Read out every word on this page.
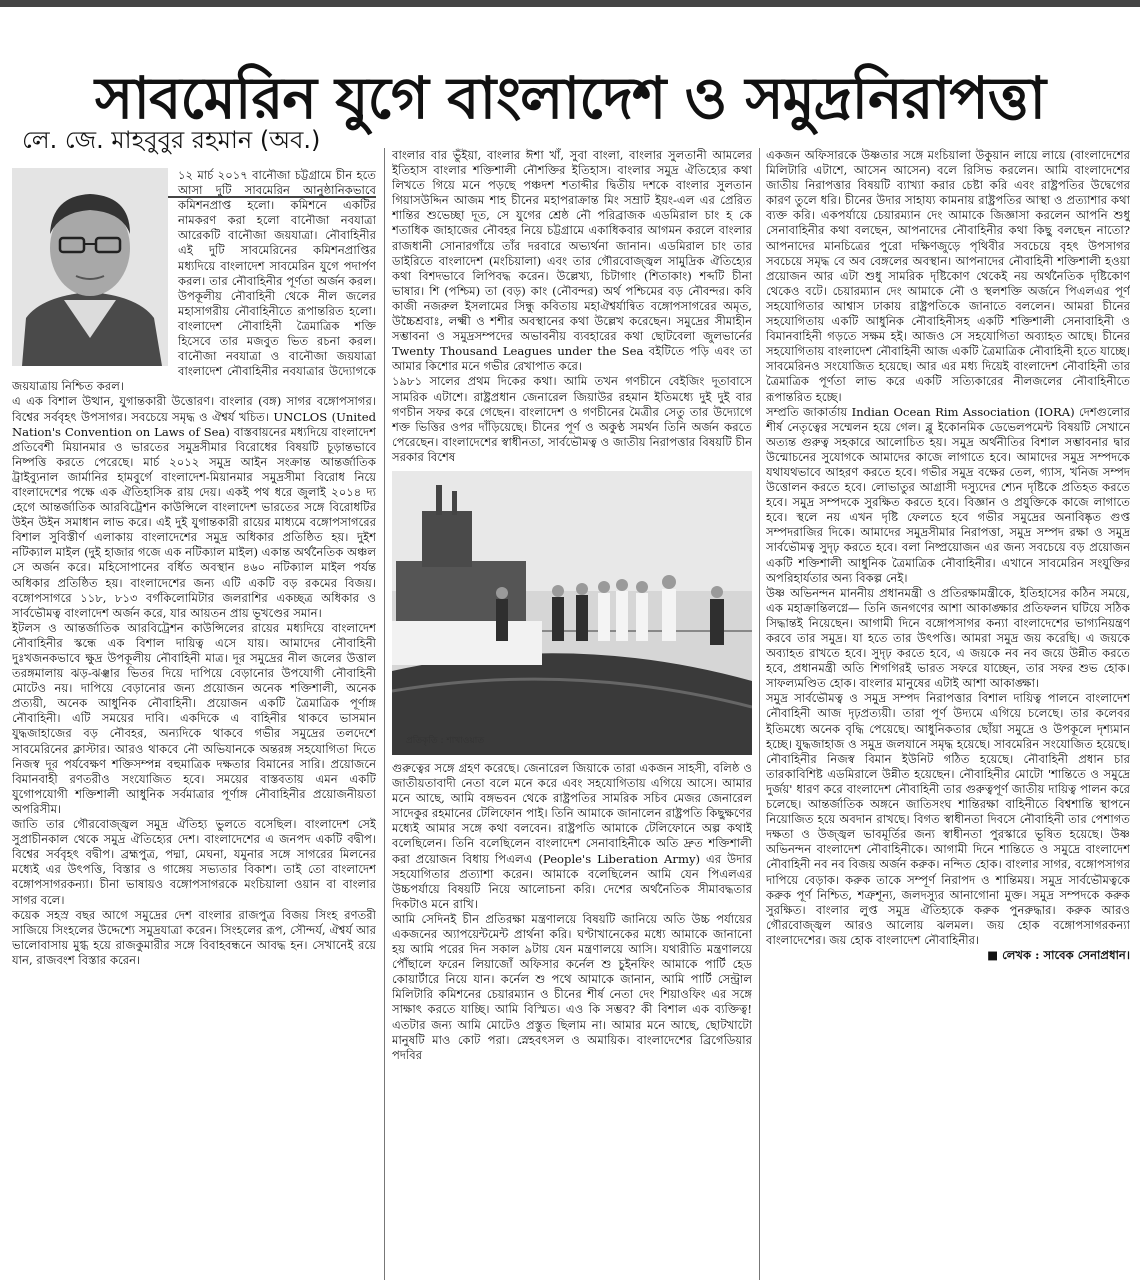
সাবমেরিন যুগে বাংলাদেশ ও সমুদ্রনিরাপত্তা
লে. জে. মাহবুবুর রহমান (অব.)

১২ মার্চ ২০১৭ বানৌজা চট্টগ্রামে চীন হতে আসা দুটি সাবমেরিন আনুষ্ঠানিকভাবে কমিশনপ্রাপ্ত হলো। কমিশনে একটির নামকরণ করা হলো বানৌজা নবযাত্রা আরেকটি বানৌজা জয়যাত্রা। নৌবাহিনীর এই দুটি সাবমেরিনের কমিশনপ্রাপ্তির মধ্যদিয়ে বাংলাদেশ সাবমেরিন যুগে পদার্পণ করল। তার নৌবাহিনীর পূর্ণতা অর্জন করল। উপকূলীয় নৌবাহিনী থেকে নীল জলের মহাসাগরীয় নৌবাহিনীতে রূপান্তরিত হলো। বাংলাদেশ নৌবাহিনী ত্রৈমাত্রিক শক্তি হিসেবে তার মজবুত ভিত রচনা করল। বানৌজা নবযাত্রা ও বানৌজা জয়যাত্রা বাংলাদেশ নৌবাহিনীর নবযাত্রার উদ্যোগকে জয়যাত্রায় নিশ্চিত করল।

এ এক বিশাল উত্থান, যুগান্তকারী উত্তোরণ। বাংলার (বঙ্গ) সাগর বঙ্গোপসাগর। বিশ্বের সর্ববৃহৎ উপসাগর। সবচেয়ে সমৃদ্ধ ও ঐশ্বর্য খচিত। UNCLOS (United Nation's Convention on Laws of Sea) বাস্তবায়নের মধ্যদিয়ে বাংলাদেশ প্রতিবেশী মিয়ানমার ও ভারতের সমুদ্রসীমার বিরোধের বিষয়টি চূড়ান্তভাবে নিষ্পত্তি করতে পেরেছে। মার্চ ২০১২ সমুদ্র আইন সংক্রান্ত আন্তর্জাতিক ট্রাইব্যুনাল জার্মানির হামবুর্গে বাংলাদেশ-মিয়ানমার সমুদ্রসীমা বিরোধ নিয়ে বাংলাদেশের পক্ষে এক ঐতিহাসিক রায় দেয়। একই পথ ধরে জুলাই ২০১৪ দ্য হেগে আন্তর্জাতিক আরবিট্রেশন কাউন্সিলে বাংলাদেশ ভারতের সঙ্গে বিরোধটির উইন উইন সমাধান লাভ করে। এই দুই যুগান্তকারী রায়ের মাধ্যমে বঙ্গোপসাগরের বিশাল সুবিস্তীর্ণ এলাকায় বাংলাদেশের সমুদ্র অধিকার প্রতিষ্ঠিত হয়। দুইশ নটিক্যাল মাইল (দুই হাজার গজে এক নটিক্যাল মাইল) একান্ত অর্থনৈতিক অঞ্চল সে অর্জন করে। মহিসোপানের বর্ধিত অবস্থান ৪৬০ নটিক্যাল মাইল পর্যন্ত অধিকার প্রতিষ্ঠিত হয়। বাংলাদেশের জন্য এটি একটি বড় রকমের বিজয়। বঙ্গোপসাগরে ১১৮, ৮১৩ বর্গকিলোমিটার জলরাশির একচ্ছত্র অধিকার ও সার্বভৌমত্ব বাংলাদেশ অর্জন করে, যার আয়তন প্রায় ভূখণ্ডের সমান।

ইটলস ও আন্তর্জাতিক আরবিট্রেশন কাউন্সিলের রায়ের মধ্যদিয়ে বাংলাদেশ নৌবাহিনীর স্কন্ধে এক বিশাল দায়িত্ব এসে যায়। আমাদের নৌবাহিনী দুঃখজনকভাবে ক্ষুদ্র উপকূলীয় নৌবাহিনী মাত্র। দূর সমুদ্রের নীল জলের উত্তাল তরঙ্গমালায় ঝড়-ঝঞ্ঝার ভিতর দিয়ে দাপিয়ে বেড়ানোর উপযোগী নৌবাহিনী মোটেও নয়। দাপিয়ে বেড়ানোর জন্য প্রয়োজন অনেক শক্তিশালী, অনেক প্রত্যয়ী, অনেক আধুনিক নৌবাহিনী। প্রয়োজন একটি ত্রৈমাত্রিক পূর্ণাঙ্গ নৌবাহিনী। এটি সময়ের দাবি। একদিকে এ বাহিনীর থাকবে ভাসমান যুদ্ধজাহাজের বড় নৌবহর, অন্যদিকে থাকবে গভীর সমুদ্রের তলদেশে সাবমেরিনের ক্লাস্টার। আরও থাকবে নৌ অভিযানকে অন্তরঙ্গ সহযোগিতা দিতে নিজস্ব দূর পর্যবেক্ষণ শক্তিসম্পন্ন বহুমাত্রিক দক্ষতার বিমানের সারি। প্রয়োজনে বিমানবাহী রণতরীও সংযোজিত হবে। সময়ের বাস্তবতায় এমন একটি যুগোপযোগী শক্তিশালী আধুনিক সর্বমাত্রার পূর্ণাঙ্গ নৌবাহিনীর প্রয়োজনীয়তা অপরিসীম।

জাতি তার গৌরবোজ্জ্বল সমুদ্র ঐতিহ্য ভুলতে বসেছিল। বাংলাদেশ সেই সুপ্রাচীনকাল থেকে সমুদ্র ঐতিহ্যের দেশ। বাংলাদেশের এ জনপদ একটি বদ্বীপ। বিশ্বের সর্ববৃহৎ বদ্বীপ। ব্রহ্মপুত্র, পদ্মা, মেঘনা, যমুনার সঙ্গে সাগরের মিলনের মধ্যেই এর উৎপত্তি, বিস্তার ও গাঙ্গেয় সভ্যতার বিকাশ। তাই তো বাংলাদেশ বঙ্গোপসাগরকন্যা। চীনা ভাষায়ও বঙ্গোপসাগরকে মংচিয়ালা ওয়ান বা বাংলার সাগর বলে।

কয়েক সহস্র বছর আগে সমুদ্রের দেশ বাংলার রাজপুত্র বিজয় সিংহ রণতরী সাজিয়ে সিংহলের উদ্দেশ্যে সমুদ্রযাত্রা করেন। সিংহলের রূপ, সৌন্দর্য, ঐশ্বর্য আর ভালোবাসায় মুগ্ধ হয়ে রাজকুমারীর সঙ্গে বিবাহবন্ধনে আবদ্ধ হন। সেখানেই রয়ে যান, রাজবংশ বিস্তার করেন।

বাংলার বার ভুঁইয়া, বাংলার ঈশা খাঁ, সুবা বাংলা, বাংলার সুলতানী আমলের ইতিহাস বাংলার শক্তিশালী নৌশক্তির ইতিহাস। বাংলার সমুদ্র ঐতিহ্যের কথা লিখতে গিয়ে মনে পড়ছে পঞ্চদশ শতাব্দীর দ্বিতীয় দশকে বাংলার সুলতান গিয়াসউদ্দিন আজম শাহ চীনের মহাপরাক্রান্ত মিং সম্রাট ইয়ং-এল এর প্রেরিত শান্তির শুভেচ্ছা দূত, সে যুগের শ্রেষ্ঠ নৌ পরিব্রাজক এডমিরাল চাং হ কে শতাধিক জাহাজের নৌবহর নিয়ে চট্টগ্রামে একাধিকবার আগমন করলে বাংলার রাজধানী সোনারগাঁয়ে তাঁর দরবারে অভ্যর্থনা জানান। এডমিরাল চাং তার ডাইরিতে বাংলাদেশ (মংচিয়ালা) এবং তার গৌরবোজ্জ্বল সামুদ্রিক ঐতিহ্যের কথা বিশদভাবে লিপিবদ্ধ করেন। উল্লেখ্য, চিটাগাং (শিতাকাং) শব্দটি চীনা ভাষার। শি (পশ্চিম) তা (বড়) কাং (নৌবন্দর) অর্থ পশ্চিমের বড় নৌবন্দর। কবি কাজী নজরুল ইসলামের সিন্ধু কবিতায় মহাঐশ্বর্যান্বিত বঙ্গোপসাগরের অমৃত, উচ্চৈশ্রবাঃ, লক্ষ্মী ও শশীর অবস্থানের কথা উল্লেখ করেছেন। সমুদ্রের সীমাহীন সম্ভাবনা ও সমুদ্রসম্পদের অভাবনীয় ব্যবহারের কথা ছোটবেলা জুলভার্নের Twenty Thousand Leagues under the Sea বইটিতে পড়ি এবং তা আমার কিশোর মনে গভীর রেখাপাত করে।

১৯৮১ সালের প্রথম দিকের কথা। আমি তখন গণচীনে বেইজিং দূতাবাসে সামরিক এটাশে। রাষ্ট্রপ্রধান জেনারেল জিয়াউর রহমান ইতিমধ্যে দুই দুই বার গণচীন সফর করে গেছেন। বাংলাদেশ ও গণচীনের মৈত্রীর সেতু তার উদ্যোগে শক্ত ভিত্তির ওপর দাঁড়িয়েছে। চীনের পূর্ণ ও অকুণ্ঠ সমর্থন তিনি অর্জন করতে পেরেছেন। বাংলাদেশের স্বাধীনতা, সার্বভৌমত্ব ও জাতীয় নিরাপত্তার বিষয়টি চীন সরকার বিশেষ

প্রতিকৃতি : শাখাওয়াত

গুরুত্বের সঙ্গে গ্রহণ করেছে। জেনারেল জিয়াকে তারা একজন সাহসী, বলিষ্ঠ ও জাতীয়তাবাদী নেতা বলে মনে করে এবং সহযোগিতায় এগিয়ে আসে। আমার মনে আছে, আমি বঙ্গভবন থেকে রাষ্ট্রপতির সামরিক সচিব মেজর জেনারেল সাদেকুর রহমানের টেলিফোন পাই। তিনি আমাকে জানালেন রাষ্ট্রপতি কিছুক্ষণের মধ্যেই আমার সঙ্গে কথা বলবেন। রাষ্ট্রপতি আমাকে টেলিফোনে অল্প কথাই বলেছিলেন। তিনি বলেছিলেন বাংলাদেশ সেনাবাহিনীকে অতি দ্রুত শক্তিশালী করা প্রয়োজন বিধায় পিএলএ (People's Liberation Army) এর উদার সহযোগিতার প্রত্যাশা করেন। আমাকে বলেছিলেন আমি যেন পিএলএর উচ্চপর্যায়ে বিষয়টি নিয়ে আলোচনা করি। দেশের অর্থনৈতিক সীমাবদ্ধতার দিকটাও মনে রাখি।

আমি সেদিনই চীন প্রতিরক্ষা মন্ত্রণালয়ে বিষয়টি জানিয়ে অতি উচ্চ পর্যায়ের একজনের অ্যাপয়েন্টমেন্ট প্রার্থনা করি। ঘণ্টাখানেকের মধ্যে আমাকে জানানো হয় আমি পরের দিন সকাল ৯টায় যেন মন্ত্রণালয়ে আসি। যথারীতি মন্ত্রণালয়ে পৌঁছালে ফরেন লিয়াজোঁ অফিসার কর্নেল শু চুইনফিং আমাকে পার্টি হেড কোয়ার্টারে নিয়ে যান। কর্নেল শু পথে আমাকে জানান, আমি পার্টি সেন্ট্রাল মিলিটারি কমিশনের চেয়ারম্যান ও চীনের শীর্ষ নেতা দেং শিয়াওফিং এর সঙ্গে সাক্ষাৎ করতে যাচ্ছি। আমি বিস্মিত। এও কি সম্ভব? কী বিশাল এক ব্যক্তিত্ব! এতটার জন্য আমি মোটেও প্রস্তুত ছিলাম না। আমার মনে আছে, ছোটখাটো মানুষটি মাও কোট পরা। স্নেহবৎসল ও অমায়িক। বাংলাদেশের ব্রিগেডিয়ার পদবির

একজন অফিসারকে উষ্ণতার সঙ্গে মংচিয়ালা উকুয়ান লায়ে লায়ে (বাংলাদেশের মিলিটারি এটাশে, আসেন আসেন) বলে রিসিভ করলেন। আমি বাংলাদেশের জাতীয় নিরাপত্তার বিষয়টি ব্যাখ্যা করার চেষ্টা করি এবং রাষ্ট্রপতির উদ্বেগের কারণ তুলে ধরি। চীনের উদার সাহায্য কামনায় রাষ্ট্রপতির আস্থা ও প্রত্যাশার কথা ব্যক্ত করি। একপর্যায়ে চেয়ারম্যান দেং আমাকে জিজ্ঞাসা করলেন আপনি শুধু সেনাবাহিনীর কথা বলছেন, আপনাদের নৌবাহিনীর কথা কিছু বলছেন নাতো? আপনাদের মানচিত্রের পুরো দক্ষিণজুড়ে পৃথিবীর সবচেয়ে বৃহৎ উপসাগর সবচেয়ে সমৃদ্ধ বে অব বেঙ্গলের অবস্থান। আপনাদের নৌবাহিনী শক্তিশালী হওয়া প্রয়োজন আর এটা শুধু সামরিক দৃষ্টিকোণ থেকেই নয় অর্থনৈতিক দৃষ্টিকোণ থেকেও বটে। চেয়ারম্যান দেং আমাকে নৌ ও স্থলশক্তি অর্জনে পিএলএর পূর্ণ সহযোগিতার আশ্বাস ঢাকায় রাষ্ট্রপতিকে জানাতে বললেন। আমরা চীনের সহযোগিতায় একটি আধুনিক নৌবাহিনীসহ একটি শক্তিশালী সেনাবাহিনী ও বিমানবাহিনী গড়তে সক্ষম হই। আজও সে সহযোগিতা অব্যাহত আছে। চীনের সহযোগিতায় বাংলাদেশ নৌবাহিনী আজ একটি ত্রৈমাত্রিক নৌবাহিনী হতে যাচ্ছে। সাবমেরিনও সংযোজিত হয়েছে। আর এর মধ্য দিয়েই বাংলাদেশ নৌবাহিনী তার ত্রৈমাত্রিক পূর্ণতা লাভ করে একটি সত্যিকারের নীলজলের নৌবাহিনীতে রূপান্তরিত হচ্ছে।

সম্প্রতি জাকার্তায় Indian Ocean Rim Association (IORA) দেশগুলোর শীর্ষ নেতৃত্বের সম্মেলন হয়ে গেল। ব্লু ইকোনমিক ডেভেলপমেন্ট বিষয়টি সেখানে অত্যন্ত গুরুত্ব সহকারে আলোচিত হয়। সমুদ্র অর্থনীতির বিশাল সম্ভাবনার দ্বার উন্মোচনের সুযোগকে আমাদের কাজে লাগাতে হবে। আমাদের সমুদ্র সম্পদকে যথাযথভাবে আহরণ করতে হবে। গভীর সমুদ্র বক্ষের তেল, গ্যাস, খনিজ সম্পদ উত্তোলন করতে হবে। লোভাতুর আগ্রাসী দস্যুদের শ্যেন দৃষ্টিকে প্রতিহত করতে হবে। সমুদ্র সম্পদকে সুরক্ষিত করতে হবে। বিজ্ঞান ও প্রযুক্তিকে কাজে লাগাতে হবে। স্থলে নয় এখন দৃষ্টি ফেলতে হবে গভীর সমুদ্রের অনাবিষ্কৃত গুপ্ত সম্পদরাজির দিকে। আমাদের সমুদ্রসীমার নিরাপত্তা, সমুদ্র সম্পদ রক্ষা ও সমুদ্র সার্বভৌমত্ব সুদৃঢ় করতে হবে। বলা নিষ্প্রয়োজন এর জন্য সবচেয়ে বড় প্রয়োজন একটি শক্তিশালী আধুনিক ত্রৈমাত্রিক নৌবাহিনীর। এখানে সাবমেরিন সংযুক্তির অপরিহার্যতার অন্য বিকল্প নেই।

উষ্ণ অভিনন্দন মাননীয় প্রধানমন্ত্রী ও প্রতিরক্ষামন্ত্রীকে, ইতিহাসের কঠিন সময়ে, এক মহাক্রান্তিলগ্নে— তিনি জনগণের আশা আকাঙ্ক্ষার প্রতিফলন ঘটিয়ে সঠিক সিদ্ধান্তই নিয়েছেন। আগামী দিনে বঙ্গোপসাগর কন্যা বাংলাদেশের ভাগ্যনিয়ন্ত্রণ করবে তার সমুদ্র। যা হতে তার উৎপত্তি। আমরা সমুদ্র জয় করেছি। এ জয়কে অব্যাহত রাখতে হবে। সুদৃঢ় করতে হবে, এ জয়কে নব নব জয়ে উন্নীত করতে হবে, প্রধানমন্ত্রী অতি শিগগিরই ভারত সফরে যাচ্ছেন, তার সফর শুভ হোক। সাফল্যমণ্ডিত হোক। বাংলার মানুষের এটাই আশা আকাঙ্ক্ষা।

সমুদ্র সার্বভৌমত্ব ও সমুদ্র সম্পদ নিরাপত্তার বিশাল দায়িত্ব পালনে বাংলাদেশ নৌবাহিনী আজ দৃঢ়প্রত্যয়ী। তারা পূর্ণ উদ্যমে এগিয়ে চলেছে। তার কলেবর ইতিমধ্যে অনেক বৃদ্ধি পেয়েছে। আধুনিকতার ছোঁয়া সমুদ্রে ও উপকূলে দৃশ্যমান হচ্ছে। যুদ্ধজাহাজ ও সমুদ্র জলযানে সমৃদ্ধ হয়েছে। সাবমেরিন সংযোজিত হয়েছে। নৌবাহিনীর নিজস্ব বিমান ইউনিট গঠিত হয়েছে। নৌবাহিনী প্রধান চার তারকাবিশিষ্ট এডমিরালে উন্নীত হয়েছেন। নৌবাহিনীর মোটো 'শান্তিতে ও সমুদ্রে দুর্জয়' ধারণ করে বাংলাদেশ নৌবাহিনী তার গুরুত্বপূর্ণ জাতীয় দায়িত্ব পালন করে চলেছে। আন্তর্জাতিক অঙ্গনে জাতিসংঘ শান্তিরক্ষা বাহিনীতে বিশ্বশান্তি স্থাপনে নিয়োজিত হয়ে অবদান রাখছে। বিগত স্বাধীনতা দিবসে নৌবাহিনী তার পেশাগত দক্ষতা ও উজ্জ্বল ভাবমূর্তির জন্য স্বাধীনতা পুরস্কারে ভূষিত হয়েছে। উষ্ণ অভিনন্দন বাংলাদেশ নৌবাহিনীকে। আগামী দিনে শান্তিতে ও সমুদ্রে বাংলাদেশ নৌবাহিনী নব নব বিজয় অর্জন করুক। নন্দিত হোক। বাংলার সাগর, বঙ্গোপসাগর দাপিয়ে বেড়াক। করুক তাকে সম্পূর্ণ নিরাপদ ও শান্তিময়। সমুদ্র সার্বভৌমত্বকে করুক পূর্ণ নিশ্চিত, শত্রুশূন্য, জলদস্যুর আনাগোনা মুক্ত। সমুদ্র সম্পদকে করুক সুরক্ষিত। বাংলার লুপ্ত সমুদ্র ঐতিহ্যকে করুক পুনরুদ্ধার। করুক আরও গৌরবোজ্জ্বল আরও আলোয় ঝলমল। জয় হোক বঙ্গোপসাগরকন্যা বাংলাদেশের। জয় হোক বাংলাদেশ নৌবাহিনীর।

■ লেখক : সাবেক সেনাপ্রধান।
